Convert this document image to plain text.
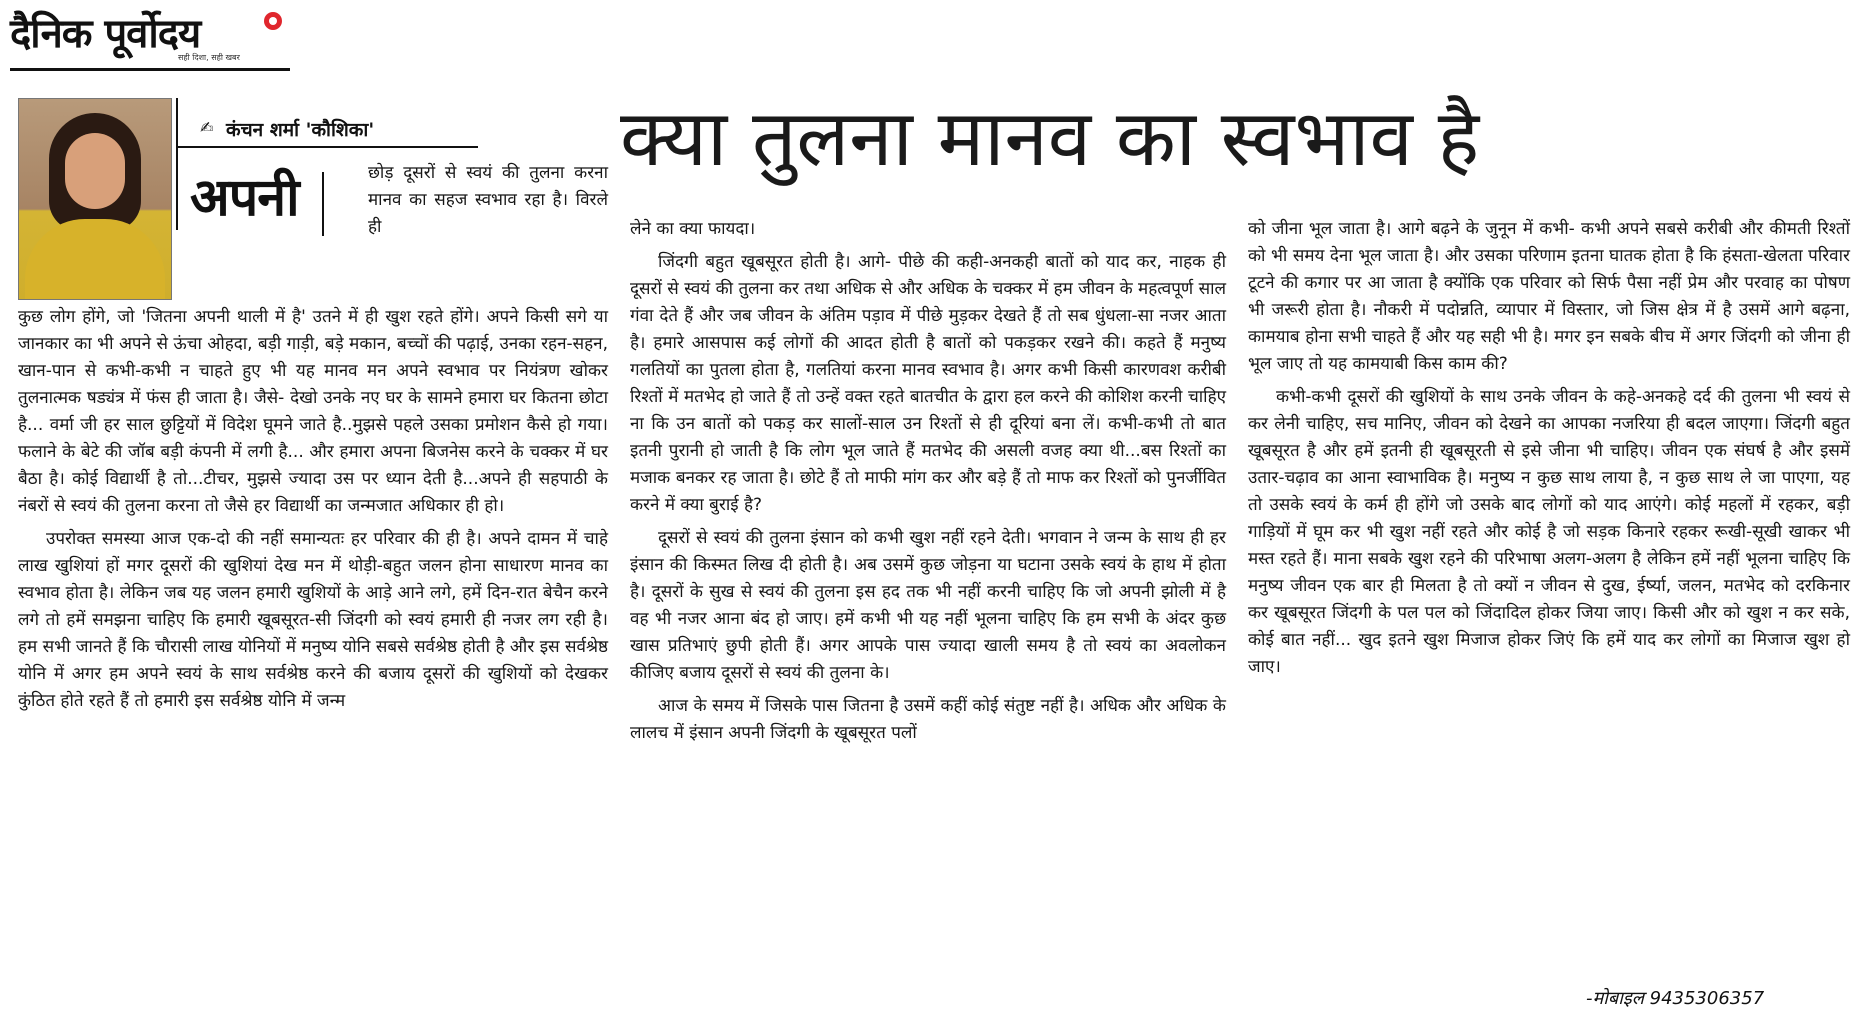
दैनिक पूर्वोदय
सही दिशा, सही खबर
✍ कंचन शर्मा 'कौशिका'
अपनी
क्या तुलना मानव का स्वभाव है

छोड़ दूसरों से स्वयं की तुलना करना मानव का सहज स्वभाव रहा है। विरले ही

कुछ लोग होंगे, जो 'जितना अपनी थाली में है' उतने में ही खुश रहते होंगे। अपने किसी सगे या जानकार का भी अपने से ऊंचा ओहदा, बड़ी गाड़ी, बड़े मकान, बच्चों की पढ़ाई, उनका रहन-सहन, खान-पान से कभी-कभी न चाहते हुए भी यह मानव मन अपने स्वभाव पर नियंत्रण खोकर तुलनात्मक षड्यंत्र में फंस ही जाता है। जैसे- देखो उनके नए घर के सामने हमारा घर कितना छोटा है... वर्मा जी हर साल छुट्टियों में विदेश घूमने जाते है..मुझसे पहले उसका प्रमोशन कैसे हो गया। फलाने के बेटे की जॉब बड़ी कंपनी में लगी है... और हमारा अपना बिजनेस करने के चक्कर में घर बैठा है। कोई विद्यार्थी है तो...टीचर, मुझसे ज्यादा उस पर ध्यान देती है...अपने ही सहपाठी के नंबरों से स्वयं की तुलना करना तो जैसे हर विद्यार्थी का जन्मजात अधिकार ही हो।

उपरोक्त समस्या आज एक-दो की नहीं समान्यतः हर परिवार की ही है। अपने दामन में चाहे लाख खुशियां हों मगर दूसरों की खुशियां देख मन में थोड़ी-बहुत जलन होना साधारण मानव का स्वभाव होता है। लेकिन जब यह जलन हमारी खुशियों के आड़े आने लगे, हमें दिन-रात बेचैन करने लगे तो हमें समझना चाहिए कि हमारी खूबसूरत-सी जिंदगी को स्वयं हमारी ही नजर लग रही है। हम सभी जानते हैं कि चौरासी लाख योनियों में मनुष्य योनि सबसे सर्वश्रेष्ठ होती है और इस सर्वश्रेष्ठ योनि में अगर हम अपने स्वयं के साथ सर्वश्रेष्ठ करने की बजाय दूसरों की खुशियों को देखकर कुंठित होते रहते हैं तो हमारी इस सर्वश्रेष्ठ योनि में जन्म

लेने का क्या फायदा।

जिंदगी बहुत खूबसूरत होती है। आगे- पीछे की कही-अनकही बातों को याद कर, नाहक ही दूसरों से स्वयं की तुलना कर तथा अधिक से और अधिक के चक्कर में हम जीवन के महत्वपूर्ण साल गंवा देते हैं और जब जीवन के अंतिम पड़ाव में पीछे मुड़कर देखते हैं तो सब धुंधला-सा नजर आता है। हमारे आसपास कई लोगों की आदत होती है बातों को पकड़कर रखने की। कहते हैं मनुष्य गलतियों का पुतला होता है, गलतियां करना मानव स्वभाव है। अगर कभी किसी कारणवश करीबी रिश्तों में मतभेद हो जाते हैं तो उन्हें वक्त रहते बातचीत के द्वारा हल करने की कोशिश करनी चाहिए ना कि उन बातों को पकड़ कर सालों-साल उन रिश्तों से ही दूरियां बना लें। कभी-कभी तो बात इतनी पुरानी हो जाती है कि लोग भूल जाते हैं मतभेद की असली वजह क्या थी...बस रिश्तों का मजाक बनकर रह जाता है। छोटे हैं तो माफी मांग कर और बड़े हैं तो माफ कर रिश्तों को पुनर्जीवित करने में क्या बुराई है?

दूसरों से स्वयं की तुलना इंसान को कभी खुश नहीं रहने देती। भगवान ने जन्म के साथ ही हर इंसान की किस्मत लिख दी होती है। अब उसमें कुछ जोड़ना या घटाना उसके स्वयं के हाथ में होता है। दूसरों के सुख से स्वयं की तुलना इस हद तक भी नहीं करनी चाहिए कि जो अपनी झोली में है वह भी नजर आना बंद हो जाए। हमें कभी भी यह नहीं भूलना चाहिए कि हम सभी के अंदर कुछ खास प्रतिभाएं छुपी होती हैं। अगर आपके पास ज्यादा खाली समय है तो स्वयं का अवलोकन कीजिए बजाय दूसरों से स्वयं की तुलना के।

आज के समय में जिसके पास जितना है उसमें कहीं कोई संतुष्ट नहीं है। अधिक और अधिक के लालच में इंसान अपनी जिंदगी के खूबसूरत पलों

को जीना भूल जाता है। आगे बढ़ने के जुनून में कभी- कभी अपने सबसे करीबी और कीमती रिश्तों को भी समय देना भूल जाता है। और उसका परिणाम इतना घातक होता है कि हंसता-खेलता परिवार टूटने की कगार पर आ जाता है क्योंकि एक परिवार को सिर्फ पैसा नहीं प्रेम और परवाह का पोषण भी जरूरी होता है। नौकरी में पदोन्नति, व्यापार में विस्तार, जो जिस क्षेत्र में है उसमें आगे बढ़ना, कामयाब होना सभी चाहते हैं और यह सही भी है। मगर इन सबके बीच में अगर जिंदगी को जीना ही भूल जाए तो यह कामयाबी किस काम की?

कभी-कभी दूसरों की खुशियों के साथ उनके जीवन के कहे-अनकहे दर्द की तुलना भी स्वयं से कर लेनी चाहिए, सच मानिए, जीवन को देखने का आपका नजरिया ही बदल जाएगा। जिंदगी बहुत खूबसूरत है और हमें इतनी ही खूबसूरती से इसे जीना भी चाहिए। जीवन एक संघर्ष है और इसमें उतार-चढ़ाव का आना स्वाभाविक है। मनुष्य न कुछ साथ लाया है, न कुछ साथ ले जा पाएगा, यह तो उसके स्वयं के कर्म ही होंगे जो उसके बाद लोगों को याद आएंगे। कोई महलों में रहकर, बड़ी गाड़ियों में घूम कर भी खुश नहीं रहते और कोई है जो सड़क किनारे रहकर रूखी-सूखी खाकर भी मस्त रहते हैं। माना सबके खुश रहने की परिभाषा अलग-अलग है लेकिन हमें नहीं भूलना चाहिए कि मनुष्य जीवन एक बार ही मिलता है तो क्यों न जीवन से दुख, ईर्ष्या, जलन, मतभेद को दरकिनार कर खूबसूरत जिंदगी के पल पल को जिंदादिल होकर जिया जाए। किसी और को खुश न कर सके, कोई बात नहीं... खुद इतने खुश मिजाज होकर जिएं कि हमें याद कर लोगों का मिजाज खुश हो जाए।

-मोबाइल 9435306357
